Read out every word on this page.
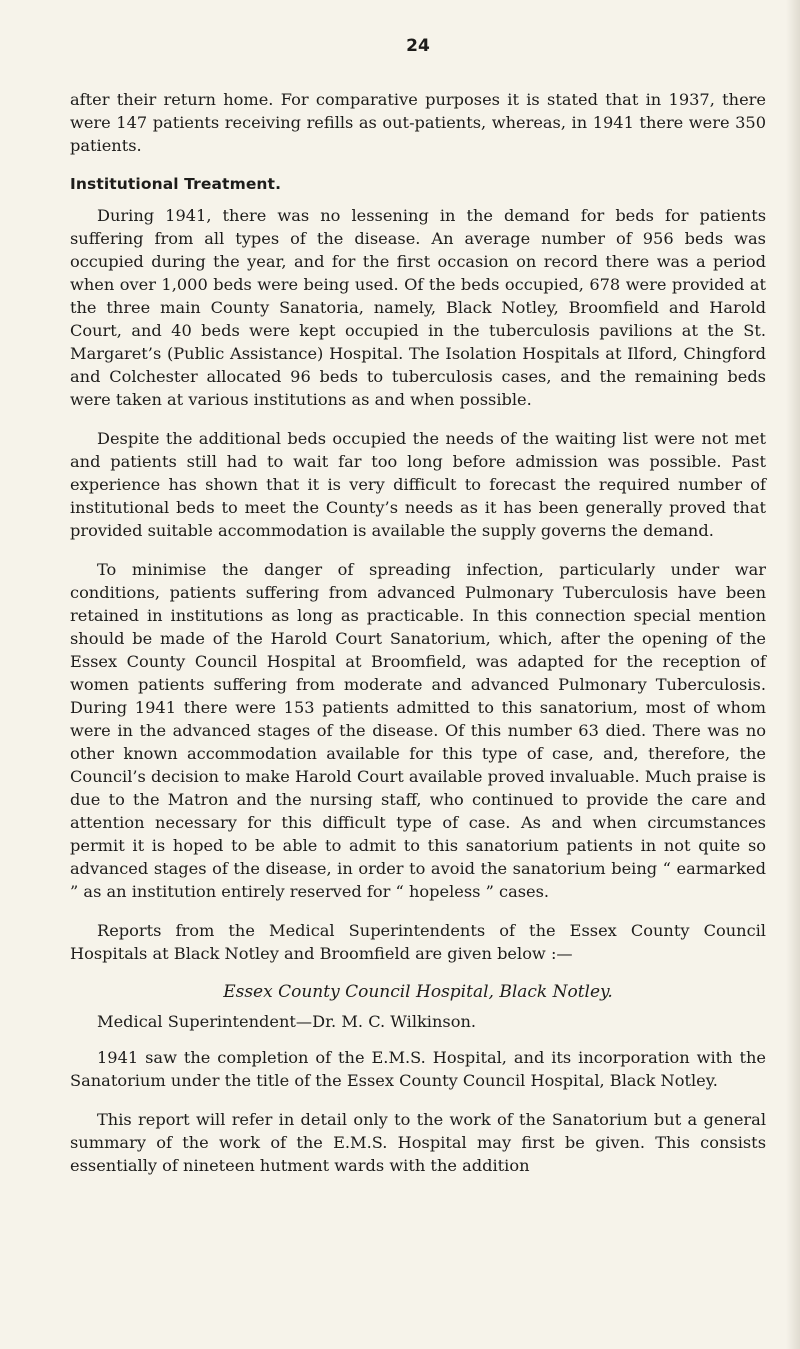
24

after their return home. For comparative purposes it is stated that in 1937, there were 147 patients receiving refills as out-patients, whereas, in 1941 there were 350 patients.

Institutional Treatment.

During 1941, there was no lessening in the demand for beds for patients suffering from all types of the disease. An average number of 956 beds was occupied during the year, and for the first occasion on record there was a period when over 1,000 beds were being used. Of the beds occupied, 678 were provided at the three main County Sanatoria, namely, Black Notley, Broomfield and Harold Court, and 40 beds were kept occupied in the tuberculosis pavilions at the St. Margaret’s (Public Assistance) Hospital. The Isolation Hospitals at Ilford, Chingford and Colchester allocated 96 beds to tuberculosis cases, and the remaining beds were taken at various institutions as and when possible.

Despite the additional beds occupied the needs of the waiting list were not met and patients still had to wait far too long before admission was possible. Past experience has shown that it is very difficult to forecast the required number of institutional beds to meet the County’s needs as it has been generally proved that provided suitable accommodation is available the supply governs the demand.

To minimise the danger of spreading infection, particularly under war conditions, patients suffering from advanced Pulmonary Tuberculosis have been retained in institutions as long as practicable. In this connection special mention should be made of the Harold Court Sanatorium, which, after the opening of the Essex County Council Hospital at Broomfield, was adapted for the reception of women patients suffering from moderate and advanced Pulmonary Tuberculosis. During 1941 there were 153 patients admitted to this sanatorium, most of whom were in the advanced stages of the disease. Of this number 63 died. There was no other known accommodation available for this type of case, and, therefore, the Council’s decision to make Harold Court available proved invaluable. Much praise is due to the Matron and the nursing staff, who continued to provide the care and attention necessary for this difficult type of case. As and when circumstances permit it is hoped to be able to admit to this sanatorium patients in not quite so advanced stages of the disease, in order to avoid the sanatorium being “ earmarked ” as an institution entirely reserved for “ hopeless ” cases.

Reports from the Medical Superintendents of the Essex County Council Hospitals at Black Notley and Broomfield are given below :—

Essex County Council Hospital, Black Notley.
Medical Superintendent—Dr. M. C. Wilkinson.

1941 saw the completion of the E.M.S. Hospital, and its incorporation with the Sanatorium under the title of the Essex County Council Hospital, Black Notley.

This report will refer in detail only to the work of the Sanatorium but a general summary of the work of the E.M.S. Hospital may first be given. This consists essentially of nineteen hutment wards with the addition
